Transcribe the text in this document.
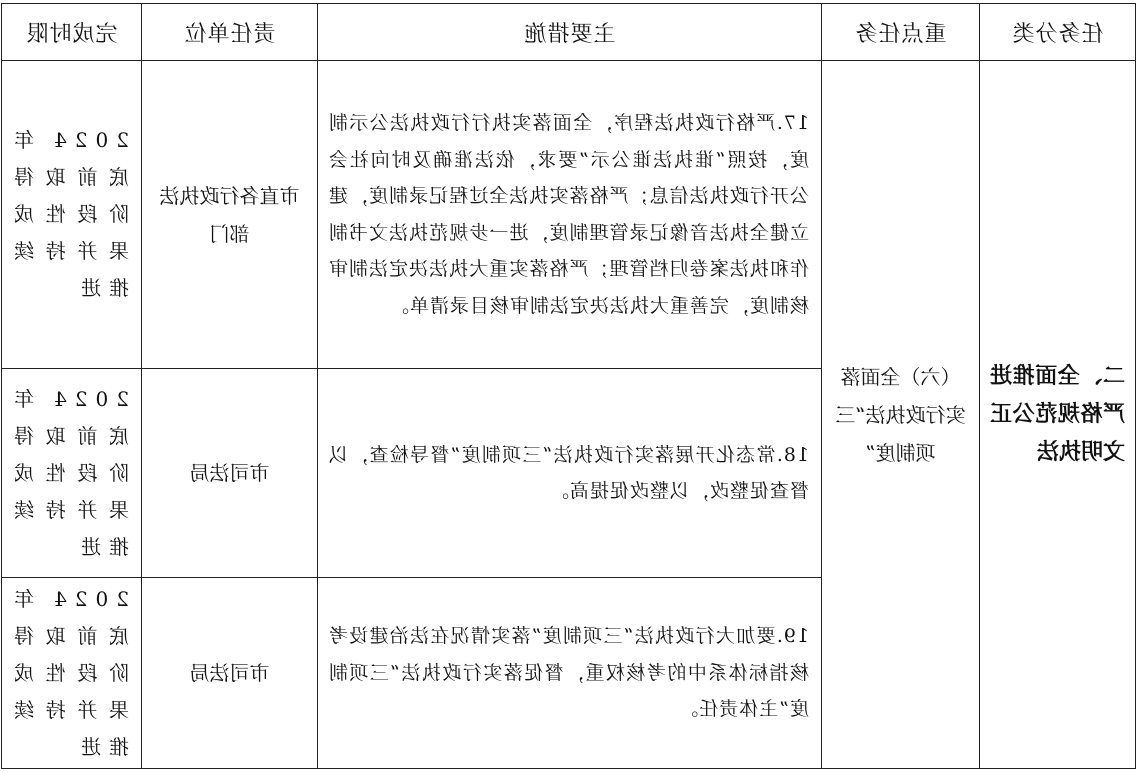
任务分类	重点任务	主要措施	责任单位	完成时限
二、全面推进严格规范公正文明执法	（六）全面落实行政执法“三项制度”	17.严格行政执法程序，全面落实执行行政执法公示制度，按照“谁执法谁公示”要求，依法准确及时向社会公开行政执法信息；严格落实执法全过程记录制度，建立健全执法音像记录管理制度，进一步规范执法文书制作和执法案卷归档管理；严格落实重大执法决定法制审核制度，完善重大执法决定法制审核目录清单。	市直各行政执法部门	2024年底前取得阶段性成果并持续推进
		18.常态化开展落实行政执法“三项制度”督导检查，以督查促整改，以整改促提高。	市司法局	2024年底前取得阶段性成果并持续推进
		19.要加大行政执法“三项制度”落实情况在法治建设考核指标体系中的考核权重，督促落实行政执法“三项制度”主体责任。	市司法局	2024年底前取得阶段性成果并持续推进
